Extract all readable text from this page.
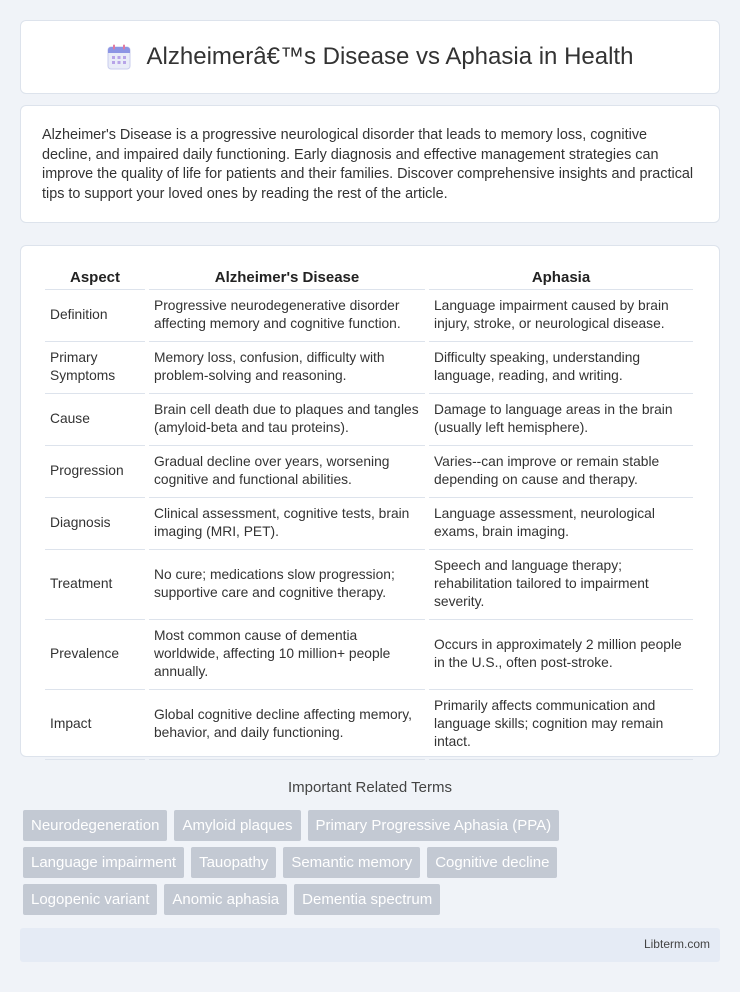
Alzheimerâ€™s Disease vs Aphasia in Health

Alzheimer's Disease is a progressive neurological disorder that leads to memory loss, cognitive decline, and impaired daily functioning. Early diagnosis and effective management strategies can improve the quality of life for patients and their families. Discover comprehensive insights and practical tips to support your loved ones by reading the rest of the article.

Aspect	Alzheimer's Disease	Aphasia
Definition	Progressive neurodegenerative disorder affecting memory and cognitive function.	Language impairment caused by brain injury, stroke, or neurological disease.
Primary Symptoms	Memory loss, confusion, difficulty with problem-solving and reasoning.	Difficulty speaking, understanding language, reading, and writing.
Cause	Brain cell death due to plaques and tangles (amyloid-beta and tau proteins).	Damage to language areas in the brain (usually left hemisphere).
Progression	Gradual decline over years, worsening cognitive and functional abilities.	Varies--can improve or remain stable depending on cause and therapy.
Diagnosis	Clinical assessment, cognitive tests, brain imaging (MRI, PET).	Language assessment, neurological exams, brain imaging.
Treatment	No cure; medications slow progression; supportive care and cognitive therapy.	Speech and language therapy; rehabilitation tailored to impairment severity.
Prevalence	Most common cause of dementia worldwide, affecting 10 million+ people annually.	Occurs in approximately 2 million people in the U.S., often post-stroke.
Impact	Global cognitive decline affecting memory, behavior, and daily functioning.	Primarily affects communication and language skills; cognition may remain intact.
Important Related Terms
Neurodegeneration	Amyloid plaques	Primary Progressive Aphasia (PPA)
Language impairment	Tauopathy	Semantic memory	Cognitive decline
Logopenic variant	Anomic aphasia	Dementia spectrum
Libterm.com
